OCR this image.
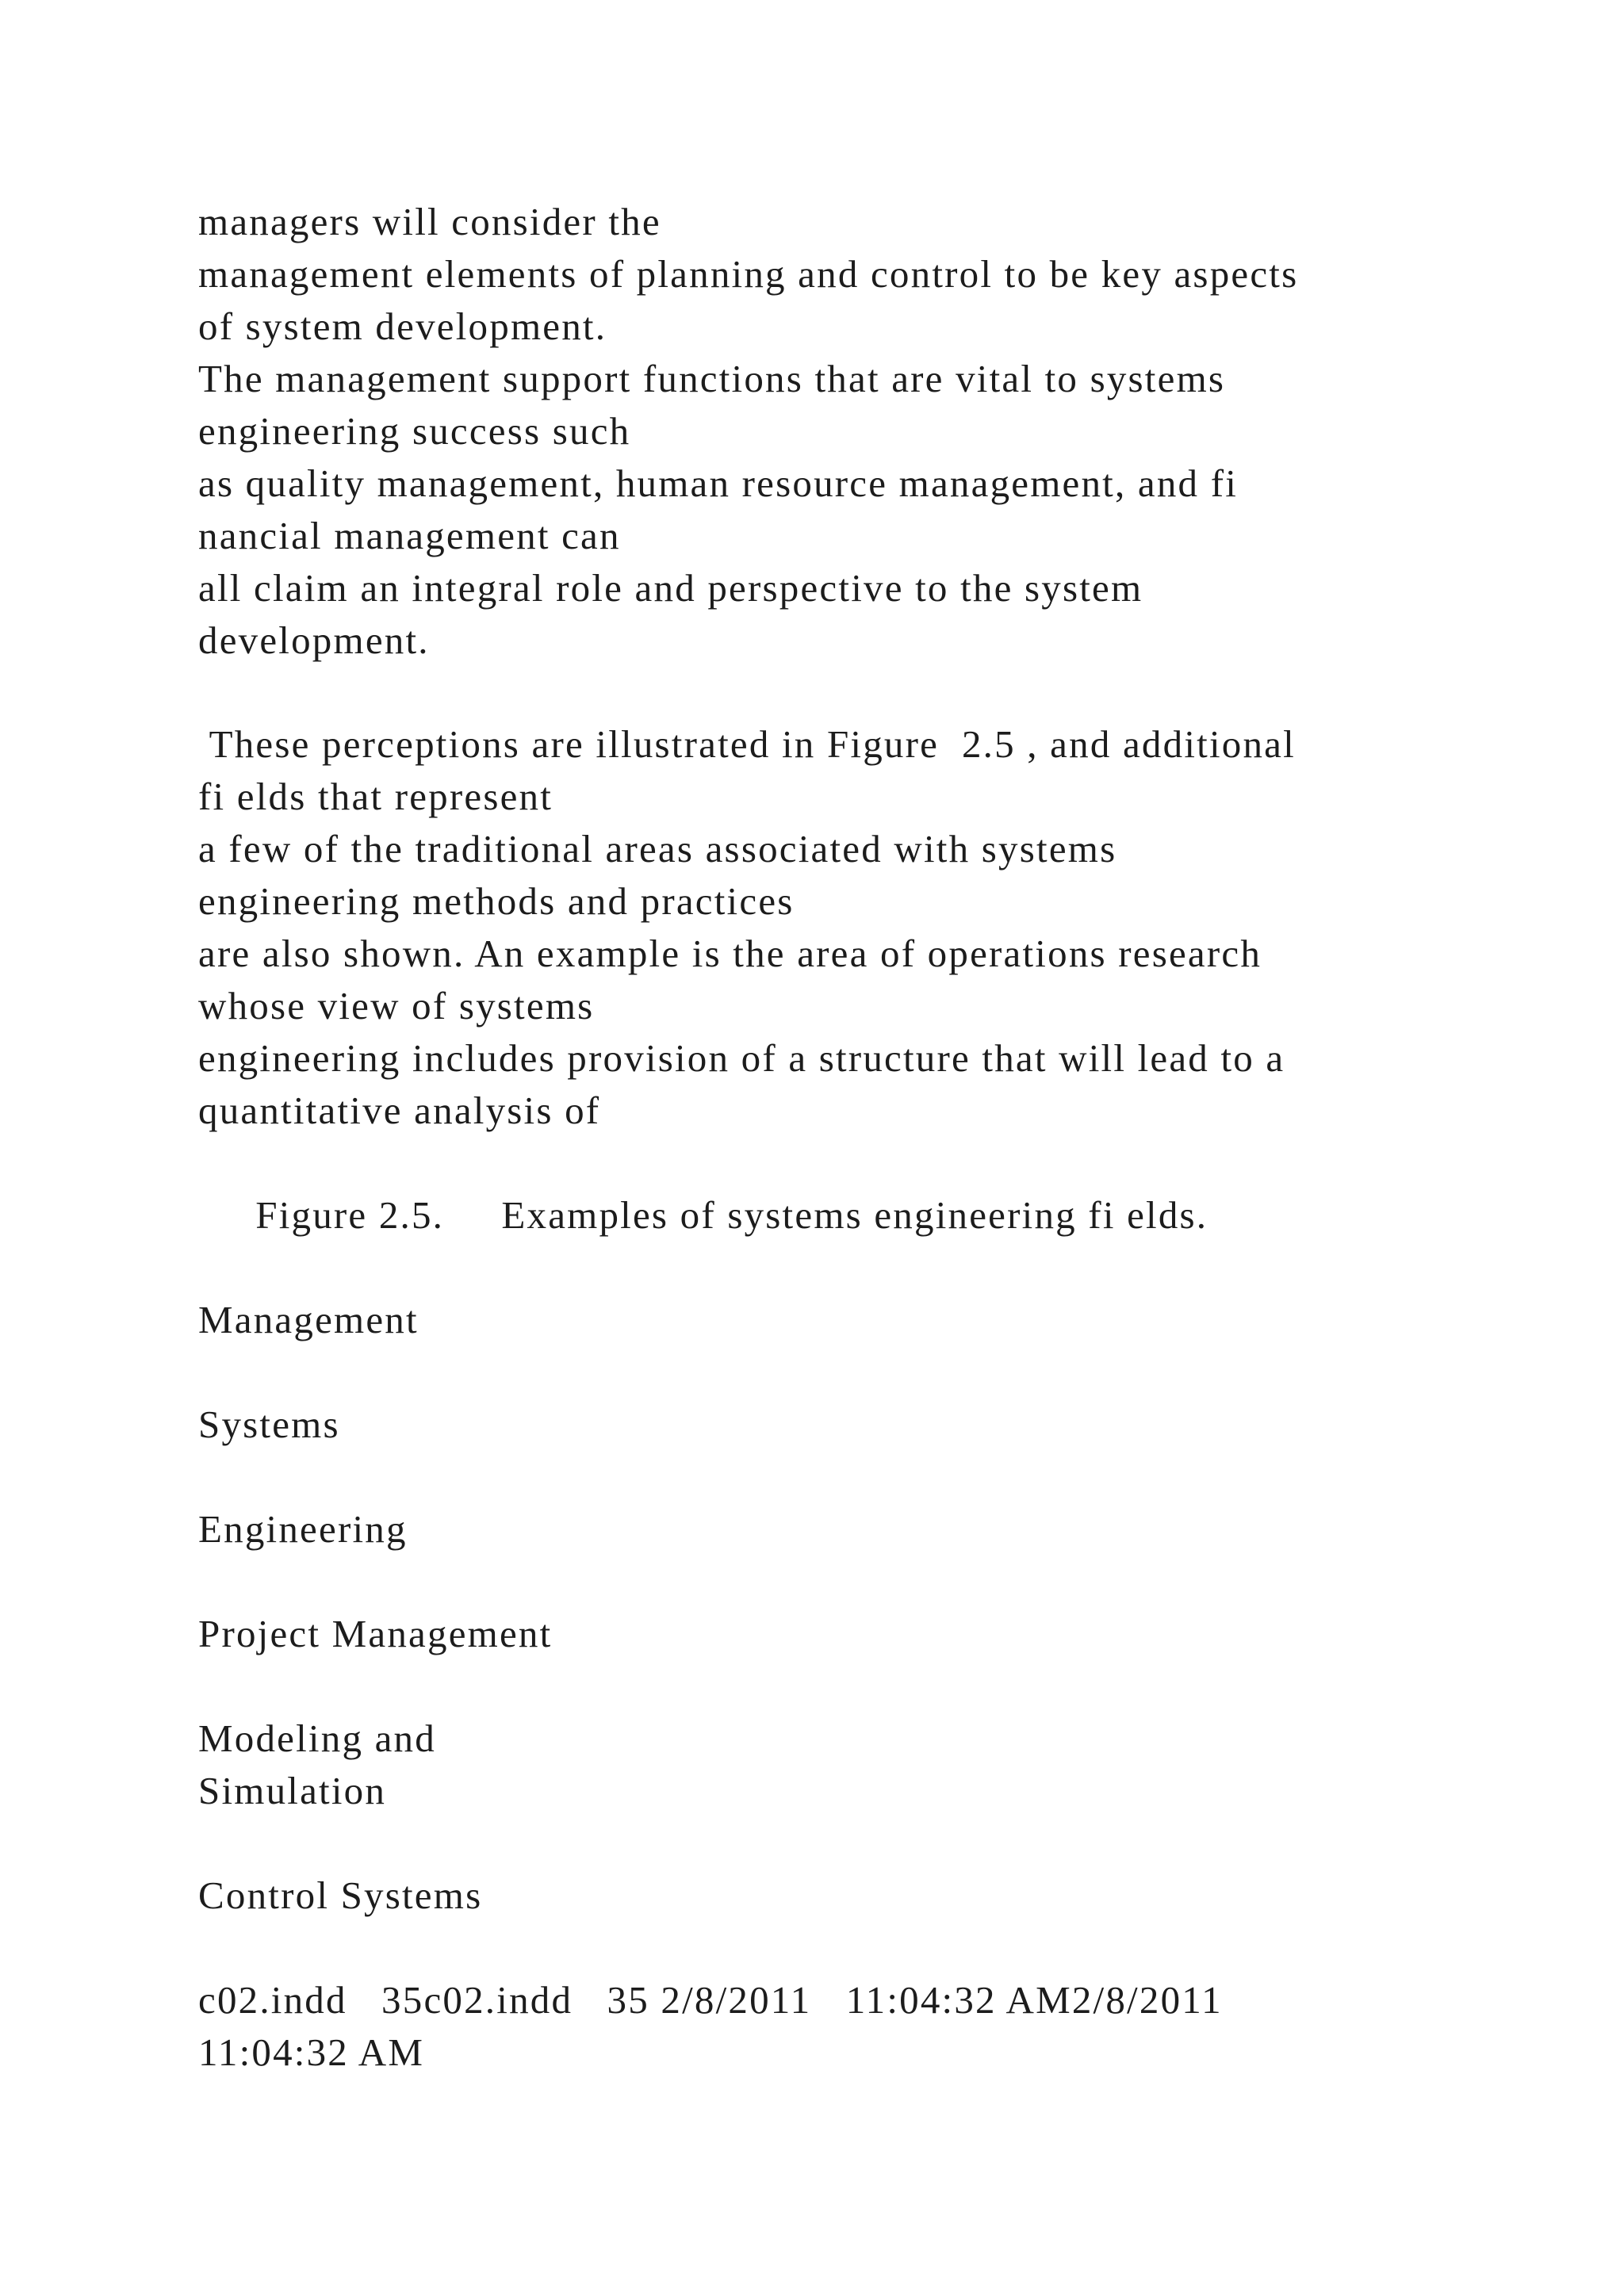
managers will consider the

management elements of planning and control to be key aspects

of system development.

The management support functions that are vital to systems

engineering success such

as quality management, human resource management, and fi

nancial management can

all claim an integral role and perspective to the system

development.

These perceptions are illustrated in Figure  2.5 , and additional

fi elds that represent

a few of the traditional areas associated with systems

engineering methods and practices

are also shown. An example is the area of operations research

whose view of systems

engineering includes provision of a structure that will lead to a

quantitative analysis of

Figure 2.5.     Examples of systems engineering fi elds.

Management

Systems

Engineering

Project Management

Modeling and

Simulation

Control Systems

c02.indd   35c02.indd   35 2/8/2011   11:04:32 AM2/8/2011

11:04:32 AM
